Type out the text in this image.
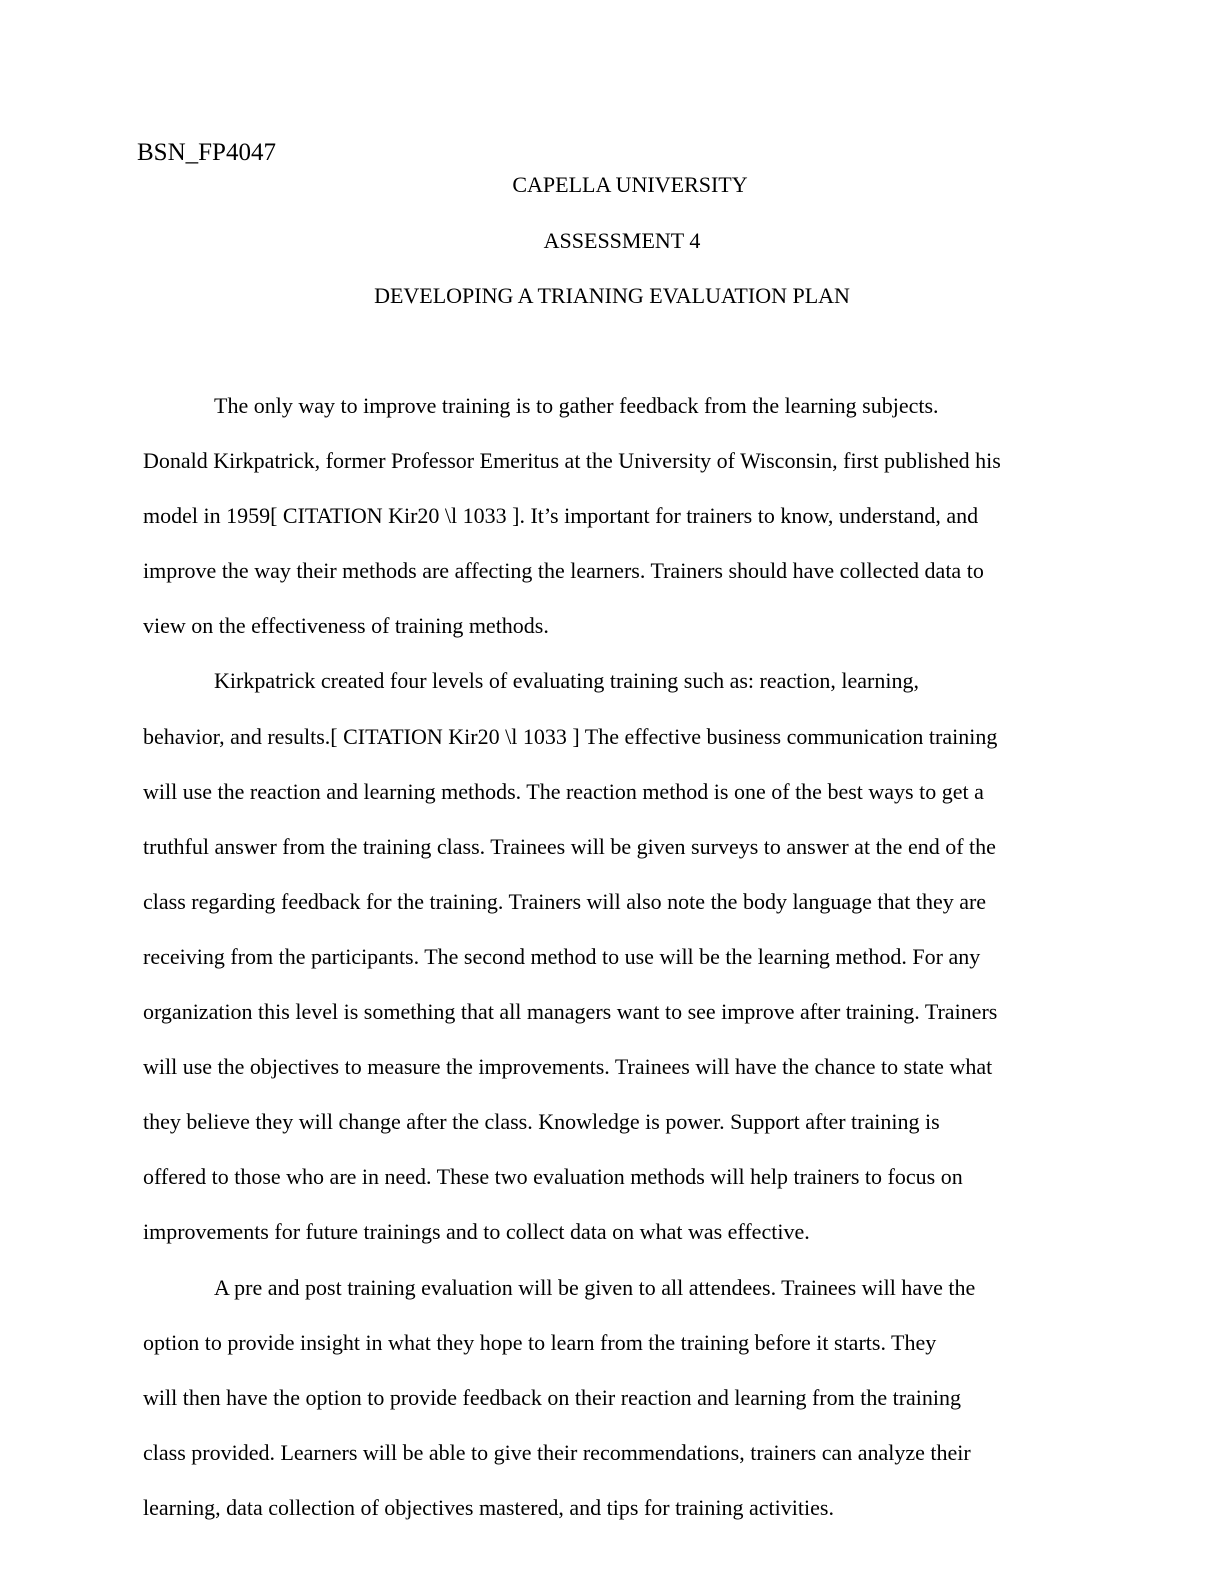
BSN_FP4047
CAPELLA UNIVERSITY
ASSESSMENT 4
DEVELOPING A TRIANING EVALUATION PLAN

The only way to improve training is to gather feedback from the learning subjects.
Donald Kirkpatrick, former Professor Emeritus at the University of Wisconsin, first published his
model in 1959[ CITATION Kir20 \l 1033 ]. It’s important for trainers to know, understand, and
improve the way their methods are affecting the learners. Trainers should have collected data to
view on the effectiveness of training methods.

Kirkpatrick created four levels of evaluating training such as: reaction, learning,
behavior, and results.[ CITATION Kir20 \l 1033 ] The effective business communication training
will use the reaction and learning methods. The reaction method is one of the best ways to get a
truthful answer from the training class. Trainees will be given surveys to answer at the end of the
class regarding feedback for the training. Trainers will also note the body language that they are
receiving from the participants. The second method to use will be the learning method. For any
organization this level is something that all managers want to see improve after training. Trainers
will use the objectives to measure the improvements. Trainees will have the chance to state what
they believe they will change after the class. Knowledge is power. Support after training is
offered to those who are in need. These two evaluation methods will help trainers to focus on
improvements for future trainings and to collect data on what was effective.

A pre and post training evaluation will be given to all attendees. Trainees will have the
option to provide insight in what they hope to learn from the training before it starts. They
will then have the option to provide feedback on their reaction and learning from the training
class provided. Learners will be able to give their recommendations, trainers can analyze their
learning, data collection of objectives mastered, and tips for training activities.
